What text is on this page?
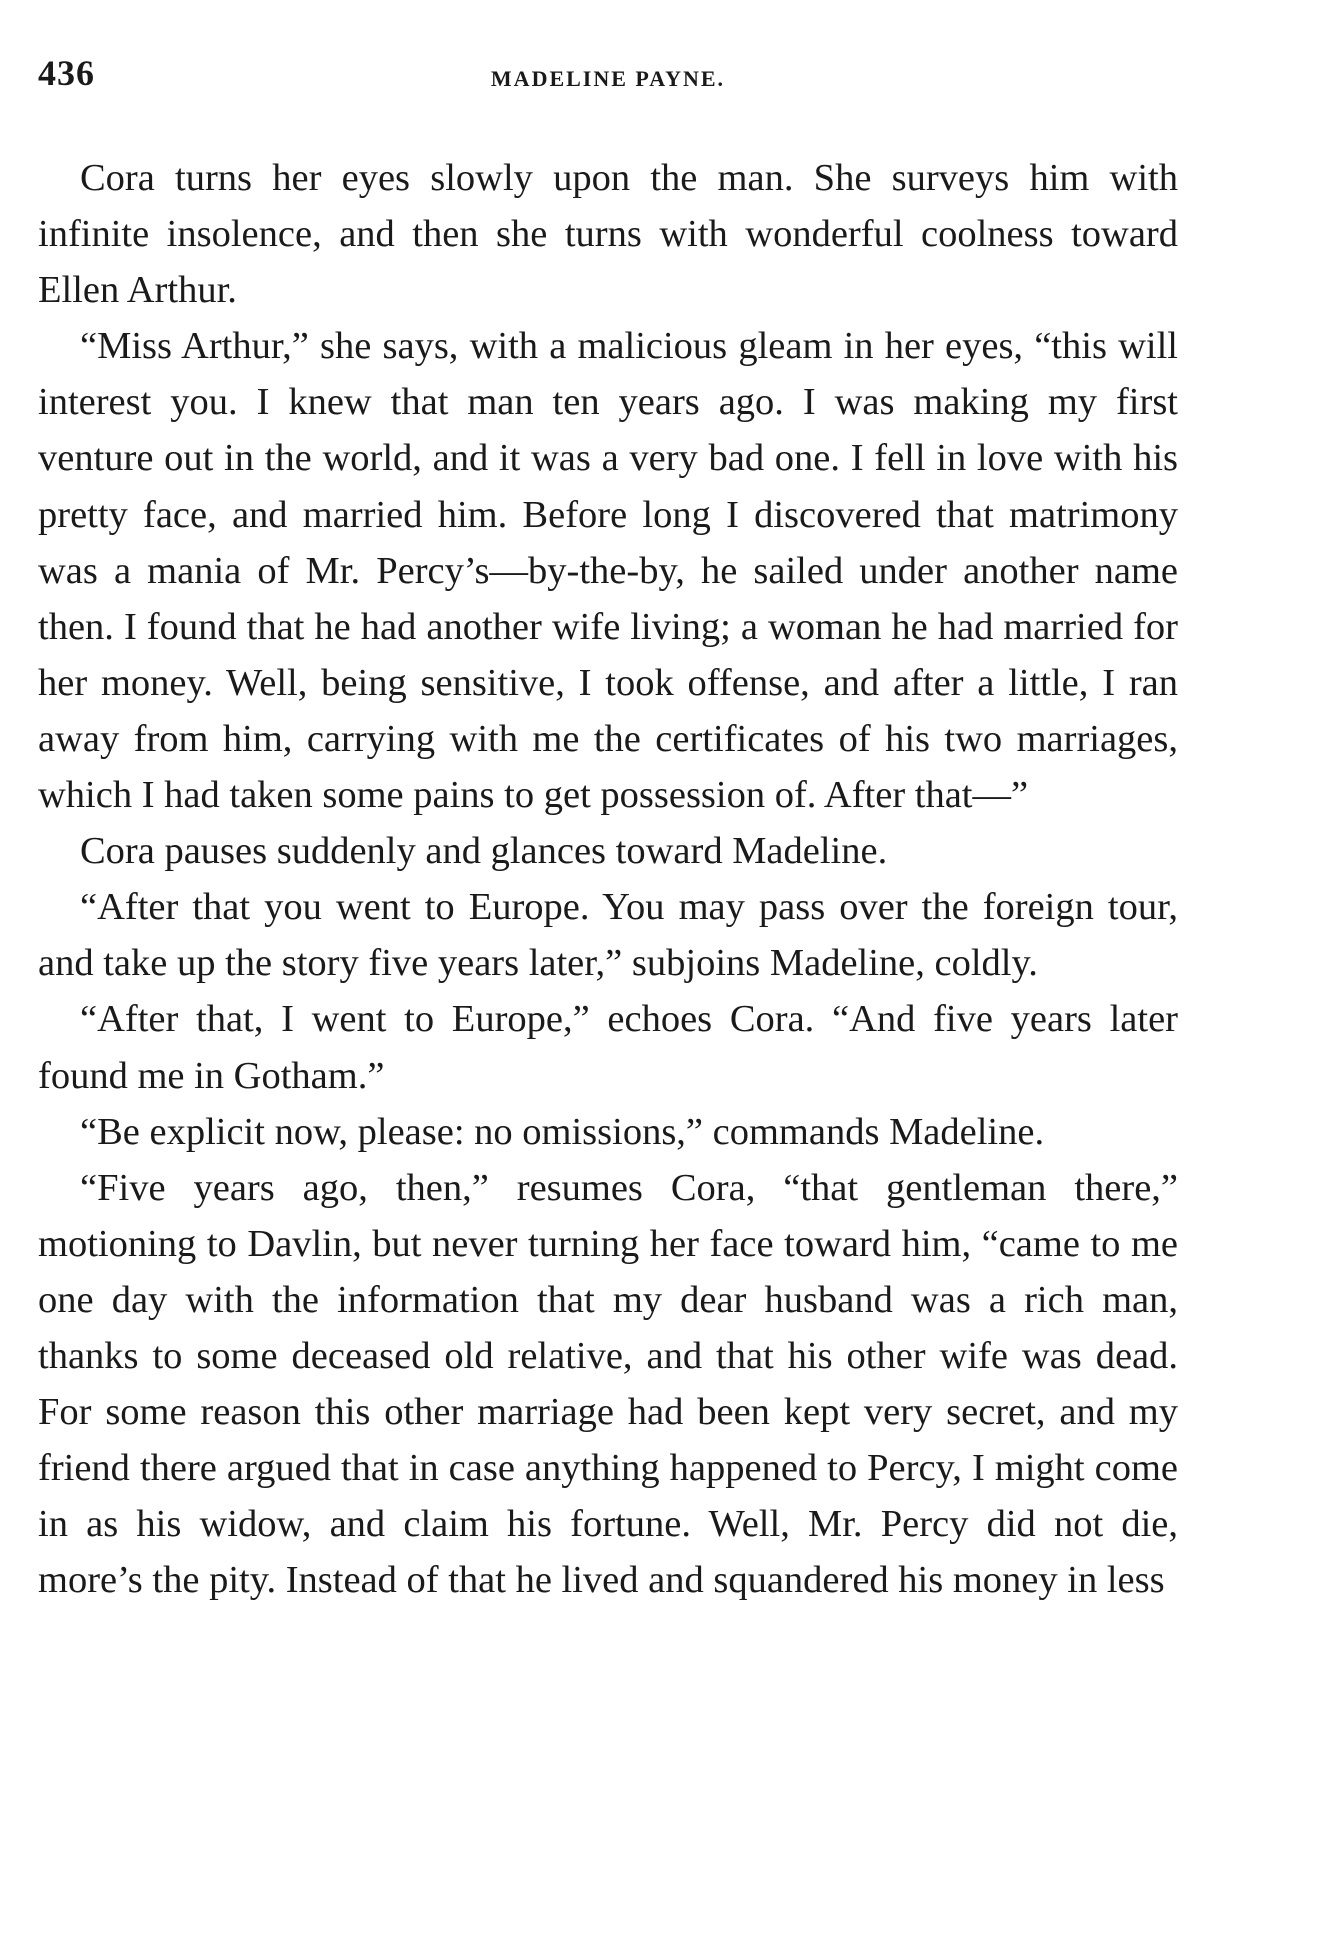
436	MADELINE PAYNE.

Cora turns her eyes slowly upon the man. She surveys him with infinite insolence, and then she turns with wonderful coolness toward Ellen Arthur.

“Miss Arthur,” she says, with a malicious gleam in her eyes, “this will interest you. I knew that man ten years ago. I was making my first venture out in the world, and it was a very bad one. I fell in love with his pretty face, and married him. Before long I discovered that matrimony was a mania of Mr. Percy’s—by-the-by, he sailed under another name then. I found that he had another wife living; a woman he had married for her money. Well, being sensitive, I took offense, and after a little, I ran away from him, carrying with me the certificates of his two marriages, which I had taken some pains to get possession of. After that—”

Cora pauses suddenly and glances toward Madeline.

“After that you went to Europe. You may pass over the foreign tour, and take up the story five years later,” subjoins Madeline, coldly.

“After that, I went to Europe,” echoes Cora. “And five years later found me in Gotham.”

“Be explicit now, please: no omissions,” commands Madeline.

“Five years ago, then,” resumes Cora, “that gentleman there,” motioning to Davlin, but never turning her face toward him, “came to me one day with the information that my dear husband was a rich man, thanks to some deceased old relative, and that his other wife was dead. For some reason this other marriage had been kept very secret, and my friend there argued that in case anything happened to Percy, I might come in as his widow, and claim his fortune. Well, Mr. Percy did not die, more’s the pity. Instead of that he lived and squandered his money in less
